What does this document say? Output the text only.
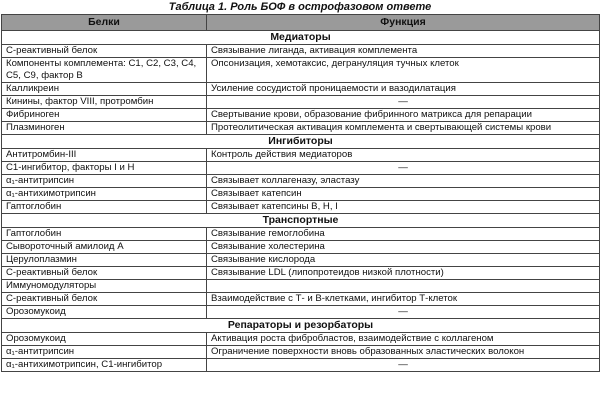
Таблица 1. Роль БОФ в острофазовом ответе
Белки	Функция
Медиаторы	
С-реактивный белок	Связывание лиганда, активация комплемента
Компоненты комплемента: С1, С2, С3, С4, С5, С9, фактор В	Опсонизация, хемотаксис, дегрануляция тучных клеток
Калликреин	Усиление сосудистой проницаемости и вазодилатация
Кинины, фактор VIII, протромбин	—
Фибриноген	Свертывание крови, образование фибринного матрикса для репарации
Плазминоген	Протеолитическая активация комплемента и свертывающей системы крови
Ингибиторы	
Антитромбин-III	Контроль действия медиаторов
С1-ингибитор, факторы I и Н	—
α₁-антитрипсин	Связывает коллагеназу, эластазу
α₁-антихимотрипсин	Связывает катепсин
Гаптоглобин	Связывает катепсины В, Н, I
Транспортные	
Гаптоглобин	Связывание гемоглобина
Сывороточный амилоид А	Связывание холестерина
Церулоплазмин	Связывание кислорода
С-реактивный белок	Связывание LDL (липопротеидов низкой плотности)
Иммуномодуляторы	
С-реактивный белок	Взаимодействие с Т- и В-клетками, ингибитор Т-клеток
Орозомукоид	—
Репараторы и резорбаторы	
Орозомукоид	Активация роста фибробластов, взаимодействие с коллагеном
α₁-антитрипсин	Ограничение поверхности вновь образованных эластических волокон
α₁-антихимотрипсин, С1-ингибитор	—
